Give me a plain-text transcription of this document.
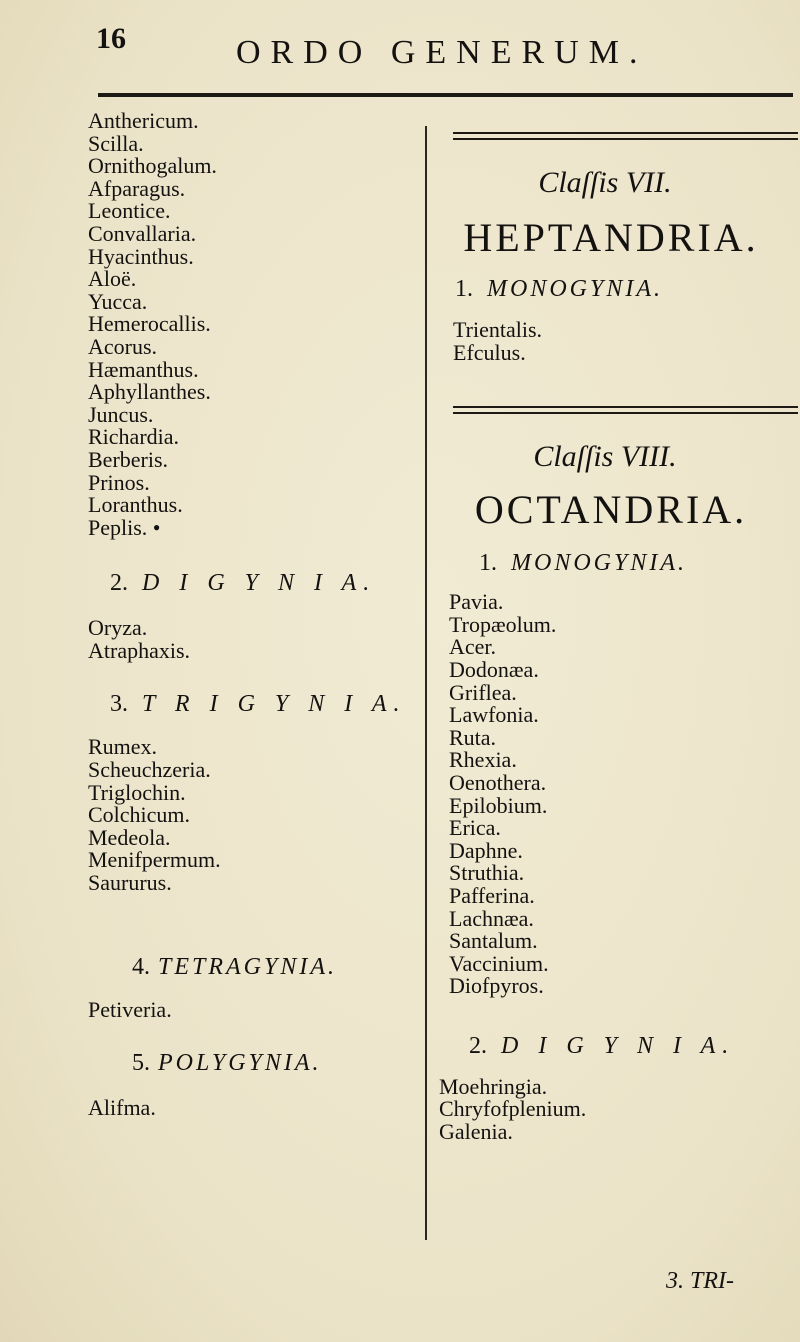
16	ORDO GENERUM.
Anthericum.
Scilla.
Ornithogalum.
Afparagus.
Leontice.
Convallaria.
Hyacinthus.
Aloë.
Yucca.
Hemerocallis.
Acorus.
Hæmanthus.
Aphyllanthes.
Juncus.
Richardia.
Berberis.
Prinos.
Loranthus.
Peplis. •
2. D I G Y N I A.
Oryza.
Atraphaxis.
3. T R I G Y N I A.
Rumex.
Scheuchzeria.
Triglochin.
Colchicum.
Medeola.
Menifpermum.
Saururus.
4. TETRAGYNIA.
Petiveria.
5. POLYGYNIA.
Alifma.
Claſſis VII.
HEPTANDRIA.
1. MONOGYNIA.
Trientalis.
Efculus.
Claſſis VIII.
OCTANDRIA.
1. MONOGYNIA.
Pavia.
Tropæolum.
Acer.
Dodonæa.
Griflea.
Lawfonia.
Ruta.
Rhexia.
Oenothera.
Epilobium.
Erica.
Daphne.
Struthia.
Pafferina.
Lachnæa.
Santalum.
Vaccinium.
Diofpyros.
2. D I G Y N I A.
Moehringia.
Chryfofplenium.
Galenia.
3. TRI-
